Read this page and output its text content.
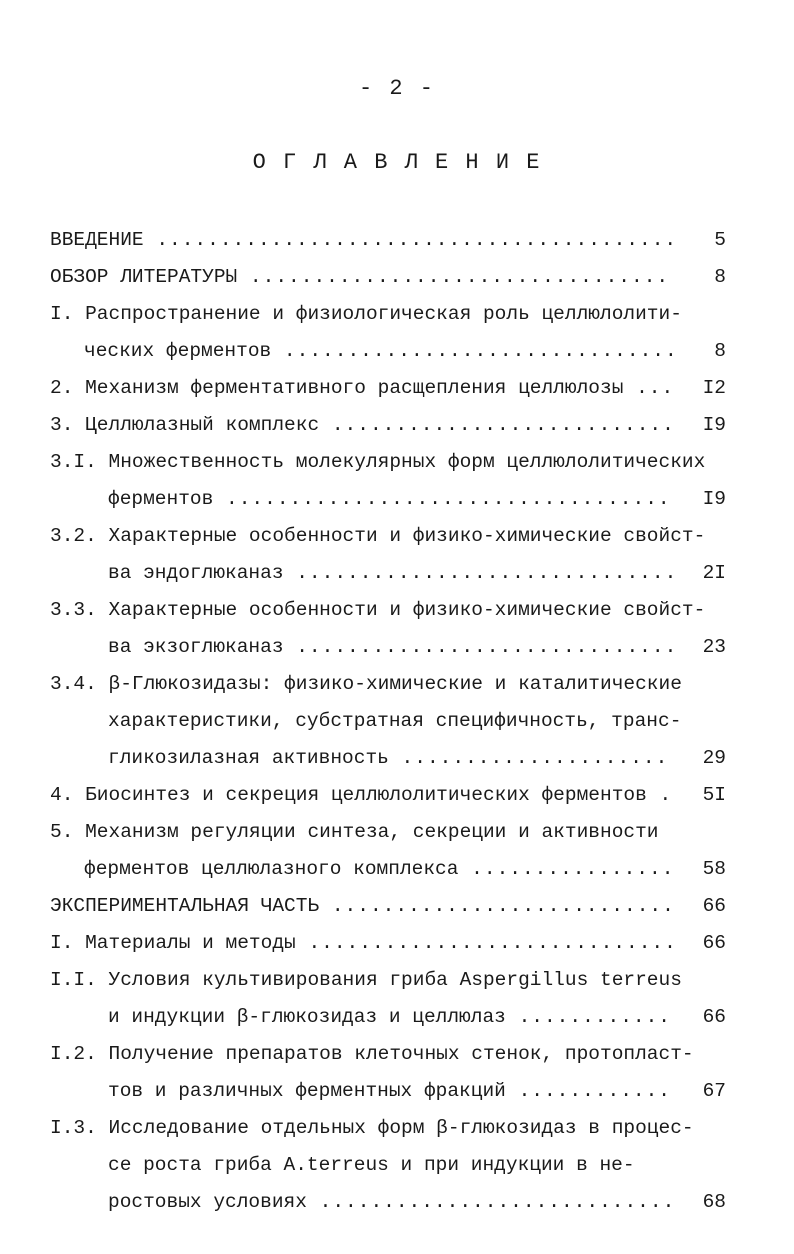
- 2 -
О Г Л А В Л Е Н И Е
ВВЕДЕНИЕ .....	5
ОБЗОР ЛИТЕРАТУРЫ .....	8
I. Распространение и физиологическая роль целлюлолити-
ческих ферментов .....	8
2. Механизм ферментативного расщепления целлюлозы .....	I2
3. Целлюлазный комплекс .....	I9
3.I. Множественность молекулярных форм целлюлолитических
ферментов .....	I9
3.2. Характерные особенности и физико-химические свойст-
ва эндоглюканаз .....	2I
3.3. Характерные особенности и физико-химические свойст-
ва экзоглюканаз .....	23
3.4. β-Глюкозидазы: физико-химические и каталитические
характеристики, субстратная специфичность, транс-
гликозилазная активность .....	29
4. Биосинтез и секреция целлюлолитических ферментов .....	5I
5. Механизм регуляции синтеза, секреции и активности
ферментов целлюлазного комплекса .....	58
ЭКСПЕРИМЕНТАЛЬНАЯ ЧАСТЬ .....	66
I. Материалы и методы .....	66
I.I. Условия культивирования гриба Aspergillus terreus
и индукции β-глюкозидаз и целлюлаз .....	66
I.2. Получение препаратов клеточных стенок, протопласт-
тов и различных ферментных фракций .....	67
I.3. Исследование отдельных форм β-глюкозидаз в процес-
се роста гриба A.terreus и при индукции в не-
ростовых условиях .....	68
